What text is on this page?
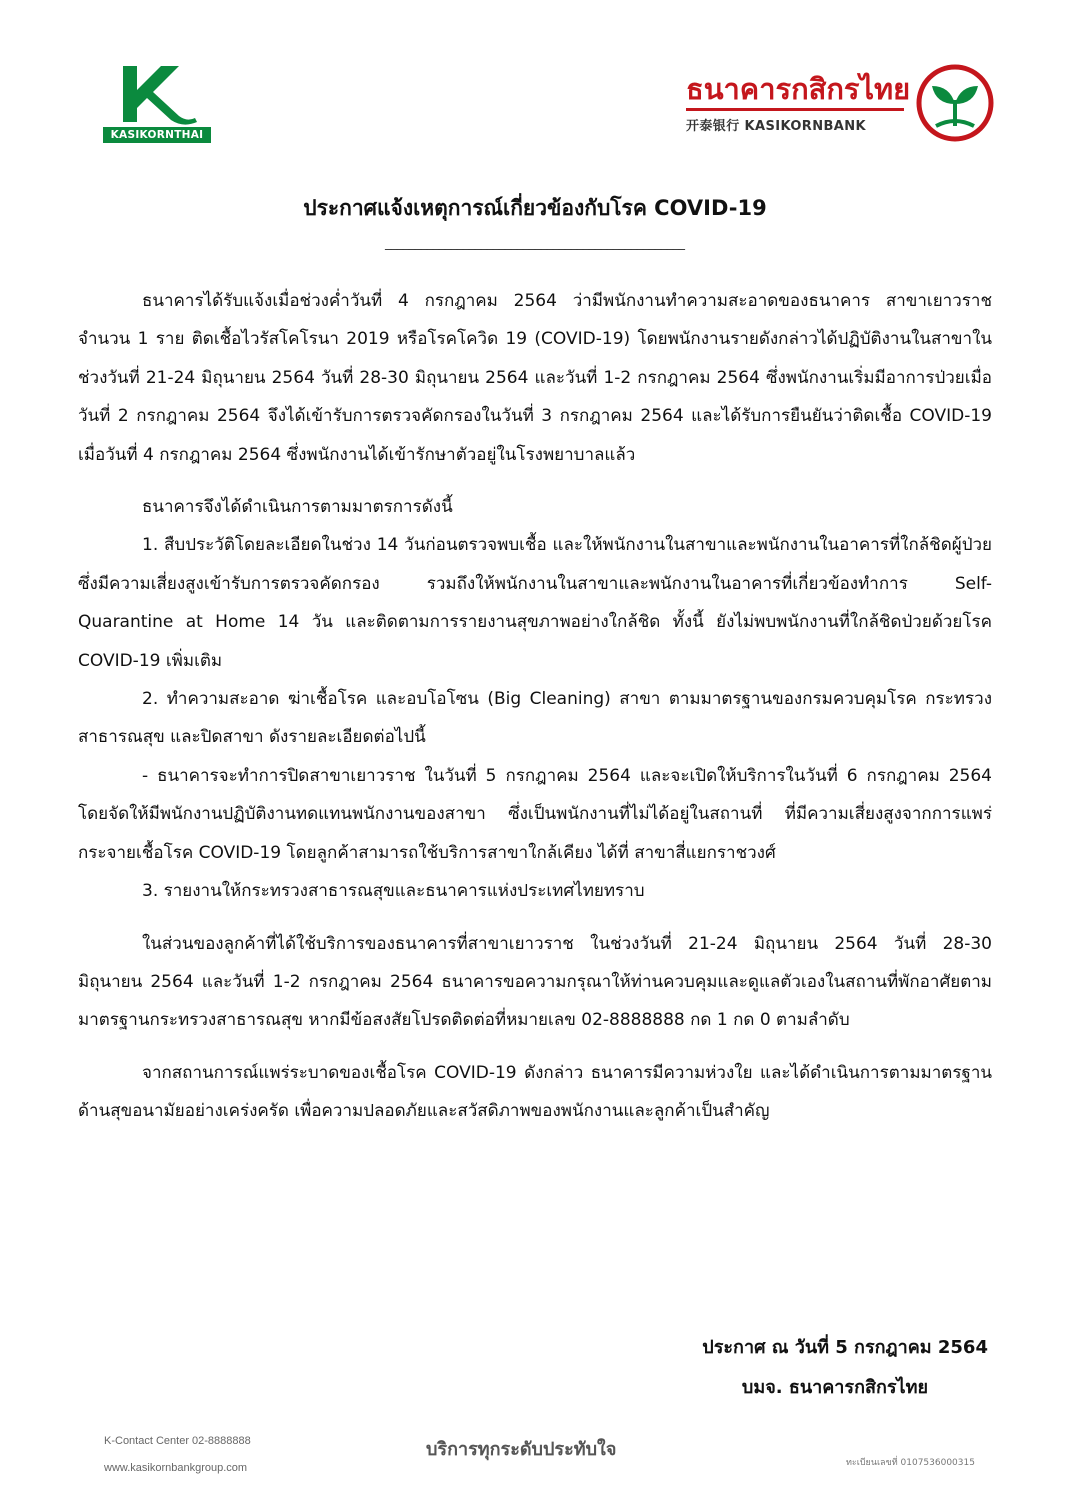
KASIKORNTHAI
ธนาคารกสิกรไทย
开泰银行 KASIKORNBANK
ประกาศแจ้งเหตุการณ์เกี่ยวข้องกับโรค COVID-19
__________________________________________________

ธนาคารได้รับแจ้งเมื่อช่วงค่ำวันที่ 4 กรกฎาคม 2564 ว่ามีพนักงานทำความสะอาดของธนาคาร สาขาเยาวราช จำนวน 1 ราย ติดเชื้อไวรัสโคโรนา 2019 หรือโรคโควิด 19 (COVID-19) โดยพนักงานรายดังกล่าวได้ปฏิบัติงานในสาขาในช่วงวันที่ 21-24 มิถุนายน 2564 วันที่ 28-30 มิถุนายน 2564 และวันที่ 1-2 กรกฎาคม 2564 ซึ่งพนักงานเริ่มมีอาการป่วยเมื่อวันที่ 2 กรกฎาคม 2564 จึงได้เข้ารับการตรวจคัดกรองในวันที่ 3 กรกฎาคม 2564 และได้รับการยืนยันว่าติดเชื้อ COVID-19 เมื่อวันที่ 4 กรกฎาคม 2564 ซึ่งพนักงานได้เข้ารักษาตัวอยู่ในโรงพยาบาลแล้ว

ธนาคารจึงได้ดำเนินการตามมาตรการดังนี้

1. สืบประวัติโดยละเอียดในช่วง 14 วันก่อนตรวจพบเชื้อ และให้พนักงานในสาขาและพนักงานในอาคารที่ใกล้ชิดผู้ป่วยซึ่งมีความเสี่ยงสูงเข้ารับการตรวจคัดกรอง รวมถึงให้พนักงานในสาขาและพนักงานในอาคารที่เกี่ยวข้องทำการ Self-Quarantine at Home 14 วัน และติดตามการรายงานสุขภาพอย่างใกล้ชิด ทั้งนี้ ยังไม่พบพนักงานที่ใกล้ชิดป่วยด้วยโรค COVID-19 เพิ่มเติม

2. ทำความสะอาด ฆ่าเชื้อโรค และอบโอโซน (Big Cleaning) สาขา ตามมาตรฐานของกรมควบคุมโรค กระทรวงสาธารณสุข และปิดสาขา ดังรายละเอียดต่อไปนี้

- ธนาคารจะทำการปิดสาขาเยาวราช ในวันที่ 5 กรกฎาคม 2564 และจะเปิดให้บริการในวันที่ 6 กรกฎาคม 2564 โดยจัดให้มีพนักงานปฏิบัติงานทดแทนพนักงานของสาขา ซึ่งเป็นพนักงานที่ไม่ได้อยู่ในสถานที่ ที่มีความเสี่ยงสูงจากการแพร่กระจายเชื้อโรค COVID-19 โดยลูกค้าสามารถใช้บริการสาขาใกล้เคียง ได้ที่ สาขาสี่แยกราชวงศ์

3. รายงานให้กระทรวงสาธารณสุขและธนาคารแห่งประเทศไทยทราบ

ในส่วนของลูกค้าที่ได้ใช้บริการของธนาคารที่สาขาเยาวราช ในช่วงวันที่ 21-24 มิถุนายน 2564 วันที่ 28-30 มิถุนายน 2564 และวันที่ 1-2 กรกฎาคม 2564 ธนาคารขอความกรุณาให้ท่านควบคุมและดูแลตัวเองในสถานที่พักอาศัยตามมาตรฐานกระทรวงสาธารณสุข หากมีข้อสงสัยโปรดติดต่อที่หมายเลข 02-8888888 กด 1 กด 0 ตามลำดับ

จากสถานการณ์แพร่ระบาดของเชื้อโรค COVID-19 ดังกล่าว ธนาคารมีความห่วงใย และได้ดำเนินการตามมาตรฐานด้านสุขอนามัยอย่างเคร่งครัด เพื่อความปลอดภัยและสวัสดิภาพของพนักงานและลูกค้าเป็นสำคัญ

ประกาศ ณ วันที่ 5 กรกฎาคม 2564
บมจ. ธนาคารกสิกรไทย
K-Contact Center 02-8888888
www.kasikornbankgroup.com
บริการทุกระดับประทับใจ
ทะเบียนเลขที่ 0107536000315
